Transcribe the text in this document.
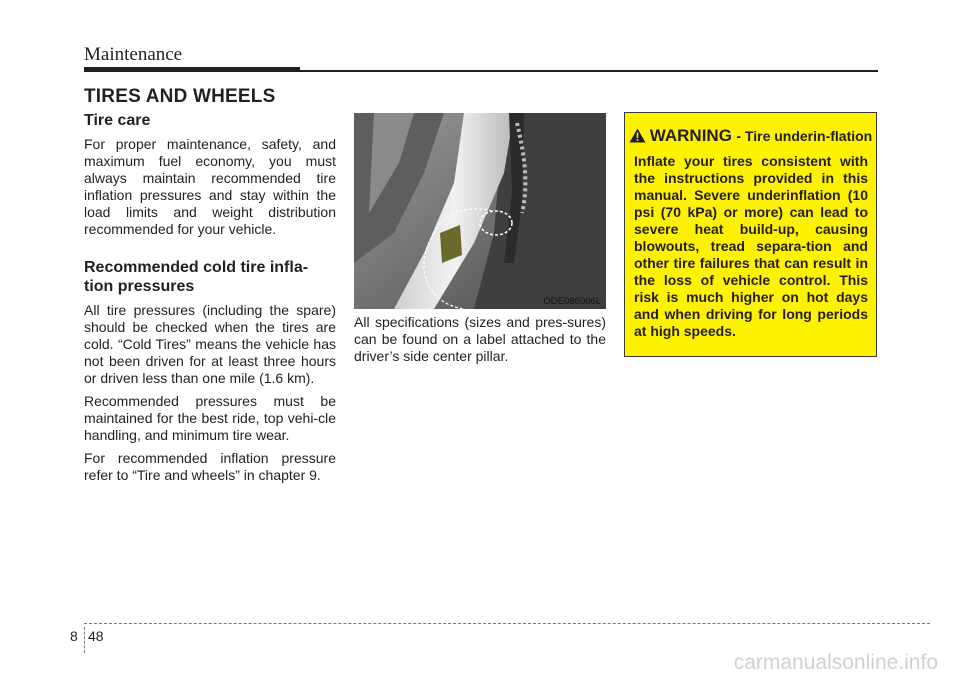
Maintenance
TIRES AND WHEELS
Tire care

For proper maintenance, safety, and maximum fuel economy, you must always maintain recommended tire inflation pressures and stay within the load limits and weight distribution recommended for your vehicle.

Recommended cold tire infla-tion pressures

All tire pressures (including the spare) should be checked when the tires are cold. “Cold Tires” means the vehicle has not been driven for at least three hours or driven less than one mile (1.6 km).

Recommended pressures must be maintained for the best ride, top vehi-cle handling, and minimum tire wear.

For recommended inflation pressure refer to “Tire and wheels” in chapter 9.

ODE086006L

All specifications (sizes and pres-sures) can be found on a label attached to the driver’s side center pillar.

WARNING - Tire underin-flation
Inflate your tires consistent with the instructions provided in this manual. Severe underinflation (10 psi (70 kPa) or more) can lead to severe heat build-up, causing blowouts, tread separa-tion and other tire failures that can result in the loss of vehicle control. This risk is much higher on hot days and when driving for long periods at high speeds.
8 48
carmanualsonline.info
